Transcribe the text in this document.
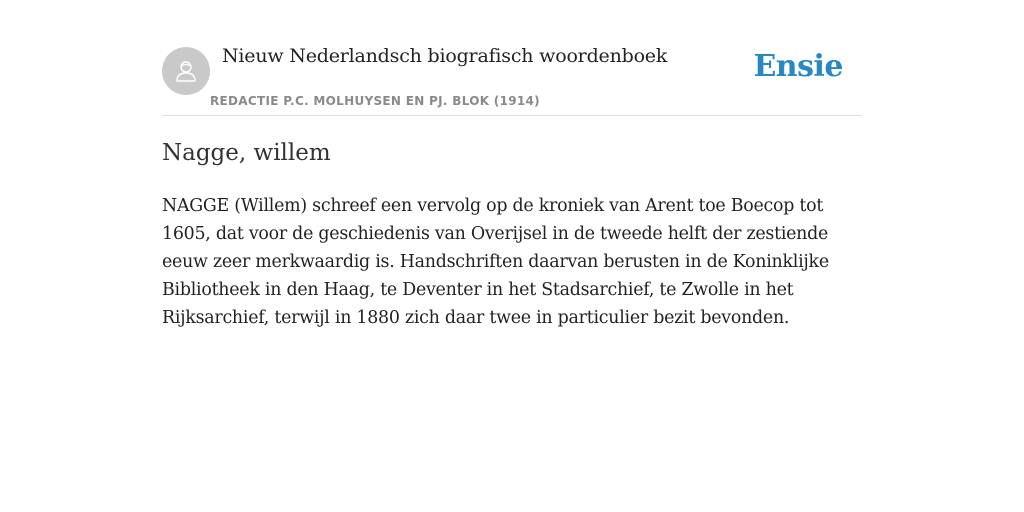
Nieuw Nederlandsch biografisch woordenboek
REDACTIE P.C. MOLHUYSEN EN PJ. BLOK (1914)
Ensie
Nagge, willem

NAGGE (Willem) schreef een vervolg op de kroniek van Arent toe Boecop tot 1605, dat voor de geschiedenis van Overijsel in de tweede helft der zestiende eeuw zeer merkwaardig is. Handschriften daarvan berusten in de Koninklijke Bibliotheek in den Haag, te Deventer in het Stadsarchief, te Zwolle in het Rijksarchief, terwijl in 1880 zich daar twee in particulier bezit bevonden.
